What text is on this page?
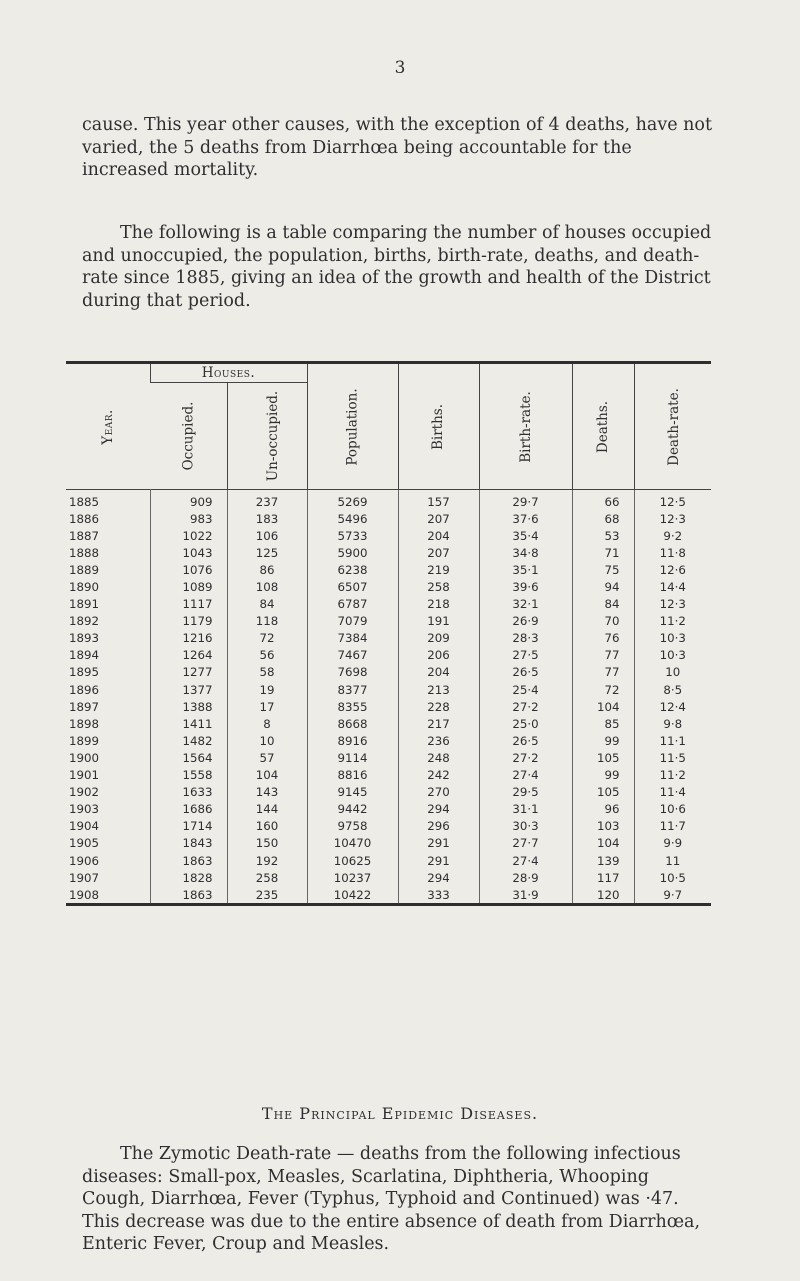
3

cause. This year other causes, with the exception of 4 deaths, have not varied, the 5 deaths from Diarrhœa being accountable for the increased mortality.

The following is a table comparing the number of houses occupied and unoccupied, the population, births, birth-rate, deaths, and death-rate since 1885, giving an idea of the growth and health of the District during that period.

Year.	Houses.		Population.	Births.	Birth-rate.	Deaths.	Death-rate.
	Occupied.	Un-occupied.					
1885	909	237	5269	157	29·7	66	12·5
1886	983	183	5496	207	37·6	68	12·3
1887	1022	106	5733	204	35·4	53	9·2
1888	1043	125	5900	207	34·8	71	11·8
1889	1076	86	6238	219	35·1	75	12·6
1890	1089	108	6507	258	39·6	94	14·4
1891	1117	84	6787	218	32·1	84	12·3
1892	1179	118	7079	191	26·9	70	11·2
1893	1216	72	7384	209	28·3	76	10·3
1894	1264	56	7467	206	27·5	77	10·3
1895	1277	58	7698	204	26·5	77	10
1896	1377	19	8377	213	25·4	72	8·5
1897	1388	17	8355	228	27·2	104	12·4
1898	1411	8	8668	217	25·0	85	9·8
1899	1482	10	8916	236	26·5	99	11·1
1900	1564	57	9114	248	27·2	105	11·5
1901	1558	104	8816	242	27·4	99	11·2
1902	1633	143	9145	270	29·5	105	11·4
1903	1686	144	9442	294	31·1	96	10·6
1904	1714	160	9758	296	30·3	103	11·7
1905	1843	150	10470	291	27·7	104	9·9
1906	1863	192	10625	291	27·4	139	11
1907	1828	258	10237	294	28·9	117	10·5
1908	1863	235	10422	333	31·9	120	9·7
The Principal Epidemic Diseases.

The Zymotic Death-rate — deaths from the following infectious diseases: Small-pox, Measles, Scarlatina, Diphtheria, Whooping Cough, Diarrhœa, Fever (Typhus, Typhoid and Continued) was ·47. This decrease was due to the entire absence of death from Diarrhœa, Enteric Fever, Croup and Measles.
